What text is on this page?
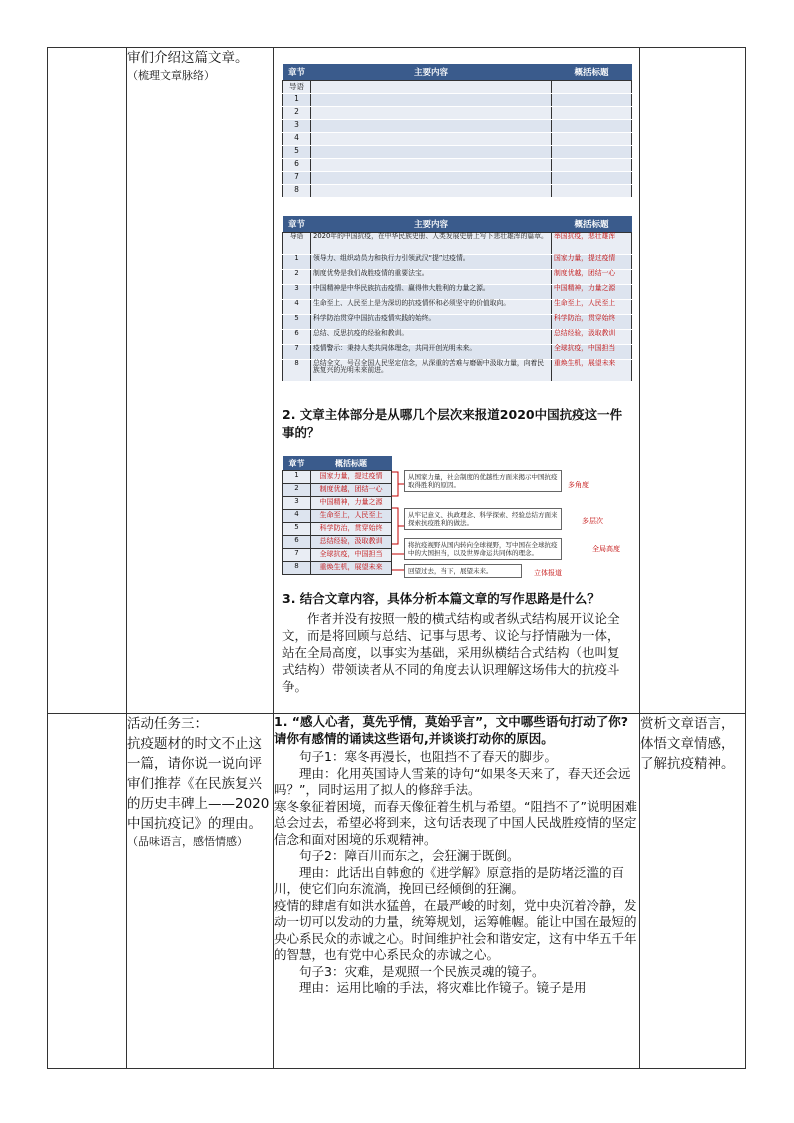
审们介绍这篇文章。
（梳理文章脉络）
		章节	主要内容	概括标题
导语		
1		
2		
3		
4		
5		
6		
7		
8		
章节	主要内容	概括标题
导语	2020年的中国抗疫，在中华民族史册、人类发展史册上写下悲壮雄浑的篇章。	举国抗疫，悲壮雄浑
1	领导力、组织动员力和执行力引领武汉“提”过疫情。	国家力量，提过疫情
2	制度优势是我们战胜疫情的重要法宝。	制度优越，团结一心
3	中国精神是中华民族抗击疫情、赢得伟大胜利的力量之源。	中国精神，力量之源
4	生命至上、人民至上是为深切的抗疫情怀和必须坚守的价值取向。	生命至上，人民至上
5	科学防治贯穿中国抗击疫情实践的始终。	科学防治，贯穿始终
6	总结、反思抗疫的经验和教训。	总结经验，汲取教训
7	疫情警示：秉持人类共同体理念，共同开创光明未来。	全球抗疫，中国担当
8	总结全文，号召全国人民坚定信念，从深重的苦难与磨砺中汲取力量，向着民族复兴的光明未来前进。	重焕生机，展望未来
2. 文章主体部分是从哪几个层次来报道2020中国抗疫这一件事的？
章节	概括标题
1	国家力量，提过疫情
2	制度优越，团结一心
3	中国精神，力量之源
4	生命至上，人民至上
5	科学防治，贯穿始终
6	总结经验，汲取教训
7	全球抗疫，中国担当
8	重焕生机，展望未来
从国家力量，社会制度的优越性方面来揭示中国抗疫取得胜利的原因。
从牢记意义、执政理念、科学探索、经验总结方面来探索抗疫胜利的做法。
将抗疫视野从国内转向全球视野，写中国在全球抗疫中的大国担当，以及世界命运共同体的理念。
回望过去，当下，展望未来。
多角度
多层次
全局高度
立体报道
3. 结合文章内容，具体分析本篇文章的写作思路是什么？
作者并没有按照一般的横式结构或者纵式结构展开议论全文，而是将回顾与总结、记事与思考、议论与抒情融为一体，站在全局高度，以事实为基础，采用纵横结合式结构（也叫复式结构）带领读者从不同的角度去认识理解这场伟大的抗疫斗争。

活动任务三：
抗疫题材的时文不止这一篇，请你说一说向评审们推荐《在民族复兴的历史丰碑上——2020中国抗疫记》的理由。
（品味语言，感悟情感）

1. “感人心者，莫先乎情，莫始乎言”，文中哪些语句打动了你?请你有感情的诵读这些语句,并谈谈打动你的原因。
句子1：寒冬再漫长，也阻挡不了春天的脚步。
理由：化用英国诗人雪莱的诗句“如果冬天来了，春天还会远吗？”，同时运用了拟人的修辞手法。
寒冬象征着困境，而春天像征着生机与希望。“阻挡不了”说明困难总会过去，希望必将到来，这句话表现了中国人民战胜疫情的坚定信念和面对困境的乐观精神。
句子2：障百川而东之，会狂澜于既倒。
理由：此话出自韩愈的《进学解》原意指的是防堵泛滥的百川，使它们向东流淌，挽回已经倾倒的狂澜。
疫情的肆虐有如洪水猛兽，在最严峻的时刻，党中央沉着冷静，发动一切可以发动的力量，统筹规划，运筹帷幄。能让中国在最短的央心系民众的赤诚之心。时间维护社会和谐安定，这有中华五千年的智慧，也有党中心系民众的赤诚之心。
句子3：灾难，是观照一个民族灵魂的镜子。
理由：运用比喻的手法，将灾难比作镜子。镜子是用

赏析文章语言，体悟文章情感，了解抗疫精神。
